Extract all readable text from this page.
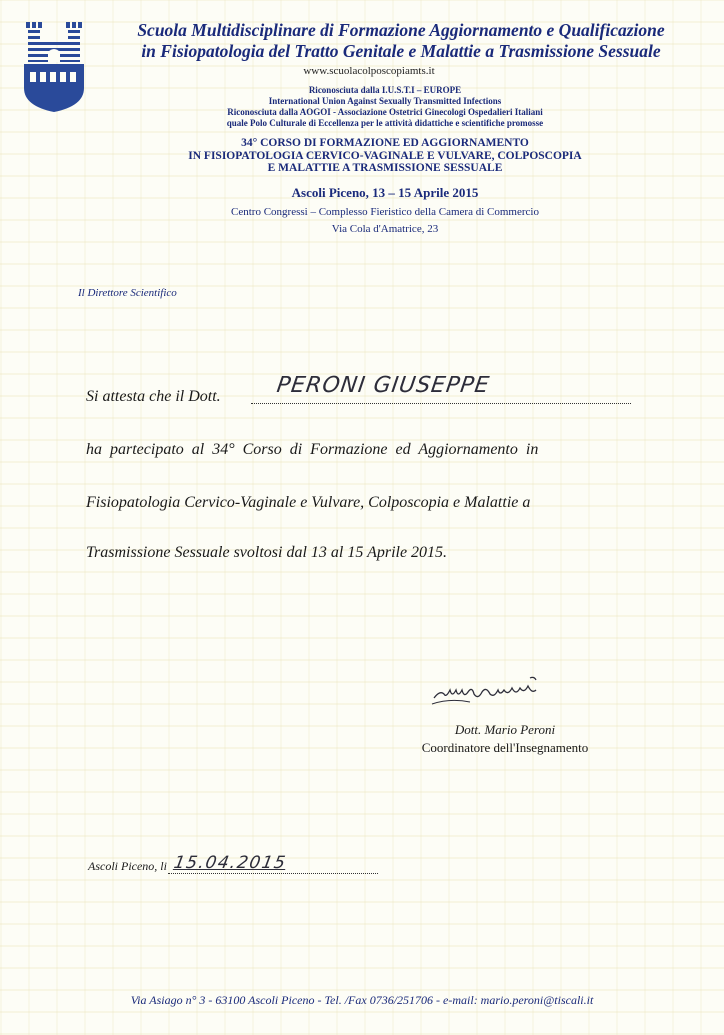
Scuola Multidisciplinare di Formazione Aggiornamento e Qualificazione
in Fisiopatologia del Tratto Genitale e Malattie a Trasmissione Sessuale
www.scuolacolposcopiamts.it
Riconosciuta dalla I.U.S.T.I – EUROPE
International Union Against Sexually Transmitted Infections
Riconosciuta dalla AOGOI - Associazione Ostetrici Ginecologi Ospedalieri Italiani
quale Polo Culturale di Eccellenza per le attività didattiche e scientifiche promosse
34° CORSO DI FORMAZIONE ED AGGIORNAMENTO
IN FISIOPATOLOGIA CERVICO-VAGINALE E VULVARE, COLPOSCOPIA
E MALATTIE A TRASMISSIONE SESSUALE
Ascoli Piceno, 13 – 15 Aprile 2015
Centro Congressi – Complesso Fieristico della Camera di Commercio
Via Cola d'Amatrice, 23
Il Direttore Scientifico
Si attesta che il Dott. PERONI GIUSEPPE
ha partecipato al 34° Corso di Formazione ed Aggiornamento in
Fisiopatologia Cervico-Vaginale e Vulvare, Colposcopia e Malattie a
Trasmissione Sessuale svoltosi dal 13 al 15 Aprile 2015.
Dott. Mario Peroni
Coordinatore dell'Insegnamento
Ascoli Piceno, li 15.04.2015
Via Asiago n° 3 - 63100 Ascoli Piceno - Tel. /Fax 0736/251706 - e-mail: mario.peroni@tiscali.it
